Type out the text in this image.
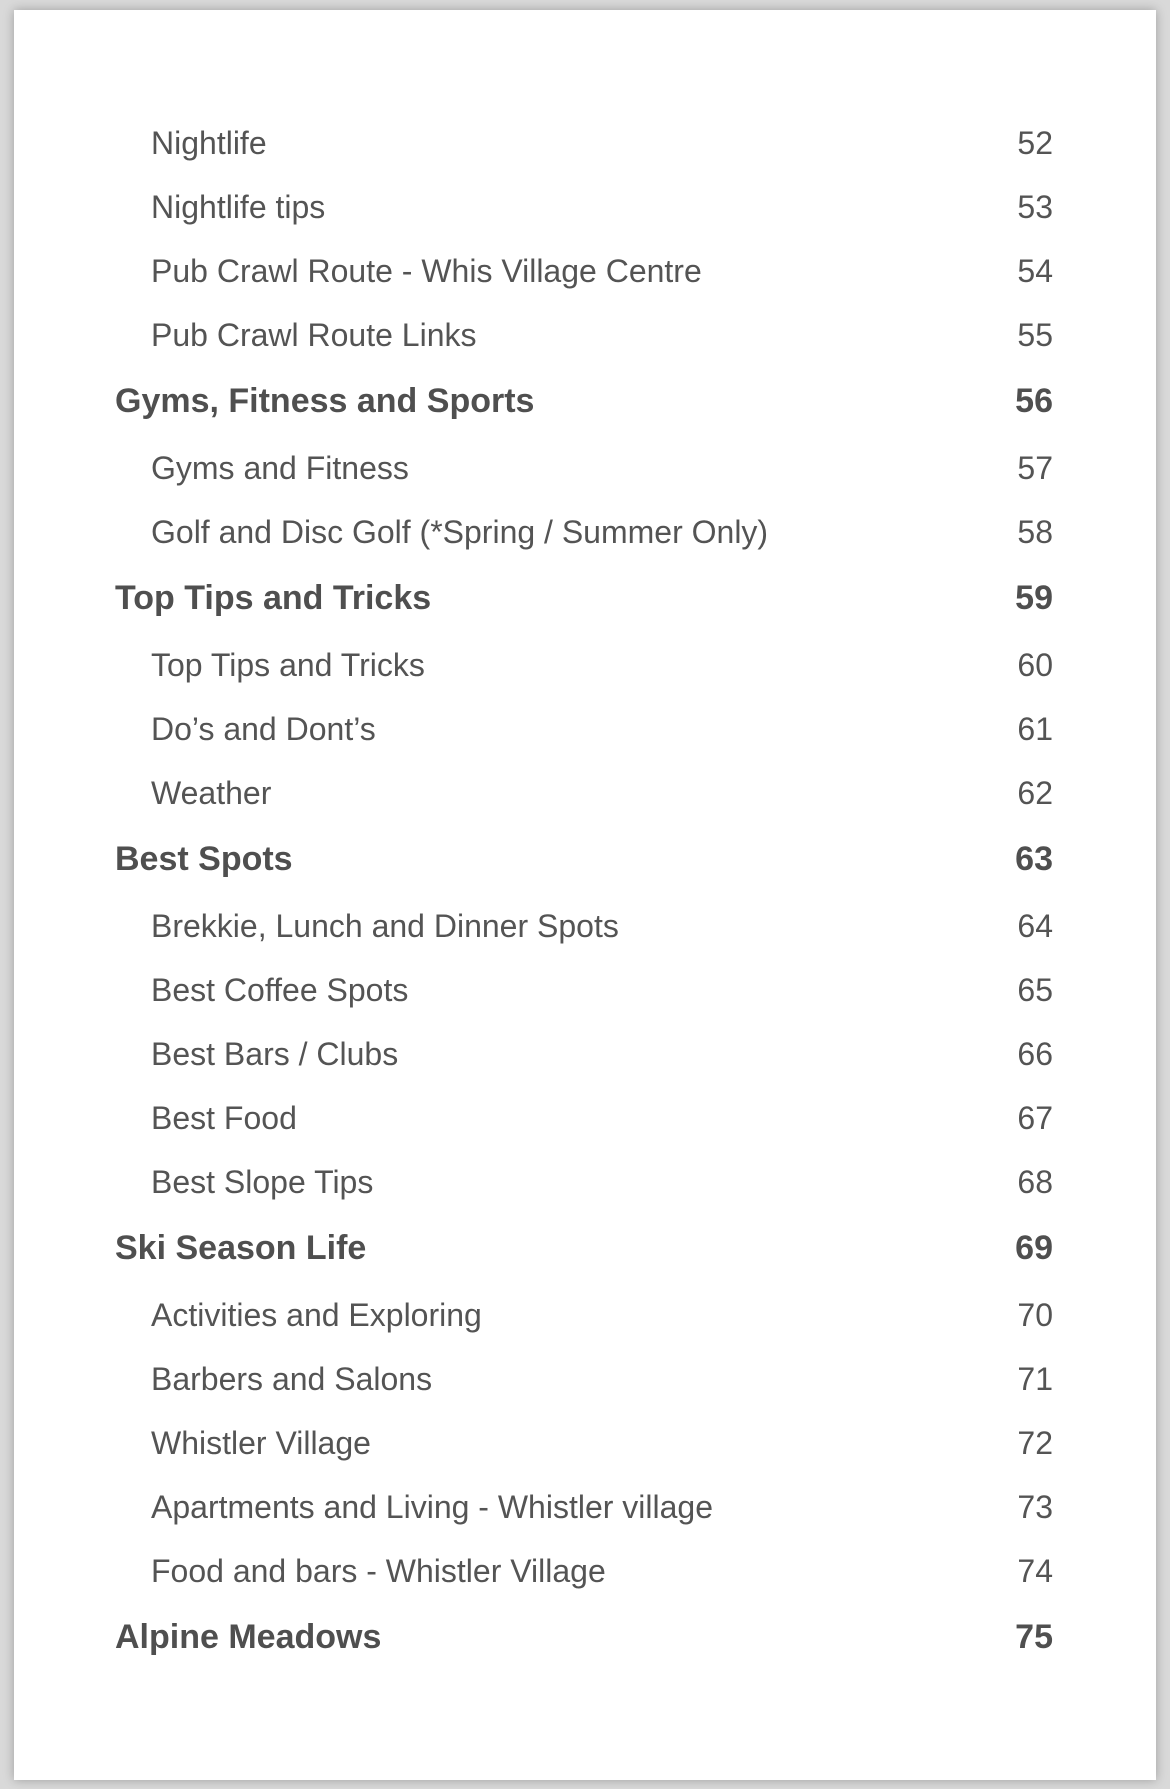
Nightlife	52
Nightlife tips	53
Pub Crawl Route - Whis Village Centre	54
Pub Crawl Route Links	55
Gyms, Fitness and Sports	56
Gyms and Fitness	57
Golf and Disc Golf (*Spring / Summer Only)	58
Top Tips and Tricks	59
Top Tips and Tricks	60
Do’s and Dont’s	61
Weather	62
Best Spots	63
Brekkie, Lunch and Dinner Spots	64
Best Coffee Spots	65
Best Bars / Clubs	66
Best Food	67
Best Slope Tips	68
Ski Season Life	69
Activities and Exploring	70
Barbers and Salons	71
Whistler Village	72
Apartments and Living - Whistler village	73
Food and bars - Whistler Village	74
Alpine Meadows	75
